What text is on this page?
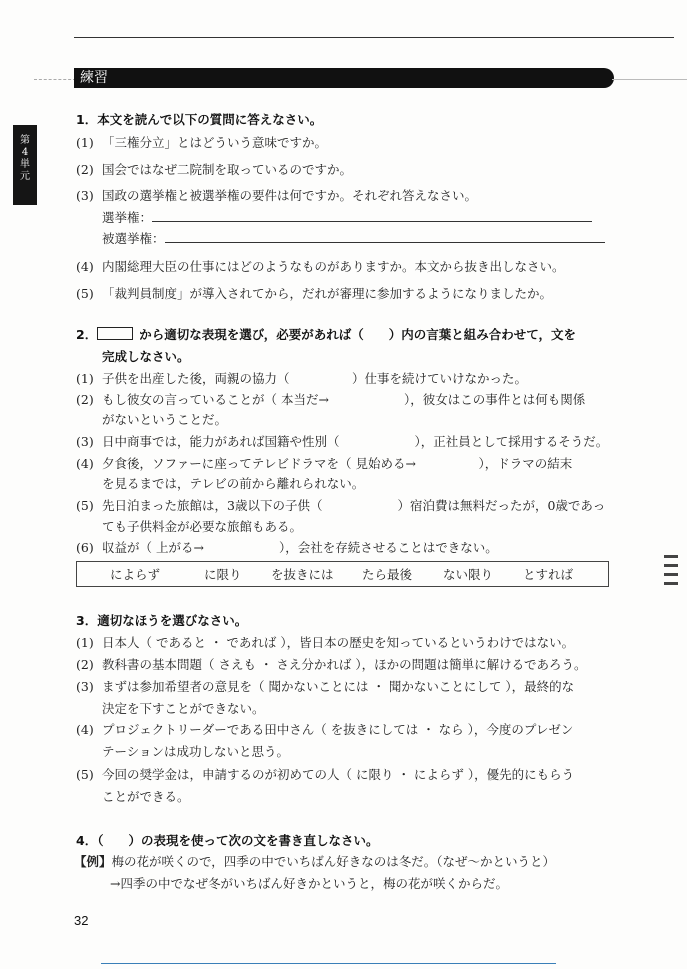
練習
第
4
単
元
1．本文を読んで以下の質問に答えなさい。
(1) 「三権分立」とはどういう意味ですか。
(2) 国会ではなぜ二院制を取っているのですか。
(3) 国政の選挙権と被選挙権の要件は何ですか。それぞれ答えなさい。
選挙権：
被選挙権：
(4) 内閣総理大臣の仕事にはどのようなものがありますか。本文から抜き出しなさい。
(5) 「裁判員制度」が導入されてから，だれが審理に参加するようになりましたか。
2．	から適切な表現を選び，必要があれば（　　）内の言葉と組み合わせて，文を
完成しなさい。
(1) 子供を出産した後，両親の協力（　　　　　）仕事を続けていけなかった。
(2) もし彼女の言っていることが（ 本当だ→　　　　　　），彼女はこの事件とは何も関係
がないということだ。
(3) 日中商事では，能力があれば国籍や性別（　　　　　　），正社員として採用するそうだ。
(4) 夕食後，ソファーに座ってテレビドラマを（ 見始める→　　　　　），ドラマの結末
を見るまでは，テレビの前から離れられない。
(5) 先日泊まった旅館は，3歳以下の子供（　　　　　　）宿泊費は無料だったが，0歳であっ
ても子供料金が必要な旅館もある。
(6) 収益が（ 上がる→　　　　　　），会社を存続させることはできない。
によらず	に限り を抜きには たら最後 ない限り とすれば
3．適切なほうを選びなさい。
(1) 日本人（ であると ・ であれば ），皆日本の歴史を知っているというわけではない。
(2) 教科書の基本問題（ さえも ・ さえ分かれば ），ほかの問題は簡単に解けるであろう。
(3) まずは参加希望者の意見を（ 聞かないことには ・ 聞かないことにして ），最終的な
決定を下すことができない。
(4) プロジェクトリーダーである田中さん（ を抜きにしては ・ なら ），今度のプレゼン
テーションは成功しないと思う。
(5) 今回の奨学金は，申請するのが初めての人（ に限り ・ によらず ），優先的にもらう
ことができる。
4．（　　）の表現を使って次の文を書き直しなさい。
【例】梅の花が咲くので，四季の中でいちばん好きなのは冬だ。（なぜ～かというと）
→四季の中でなぜ冬がいちばん好きかというと，梅の花が咲くからだ。
32
